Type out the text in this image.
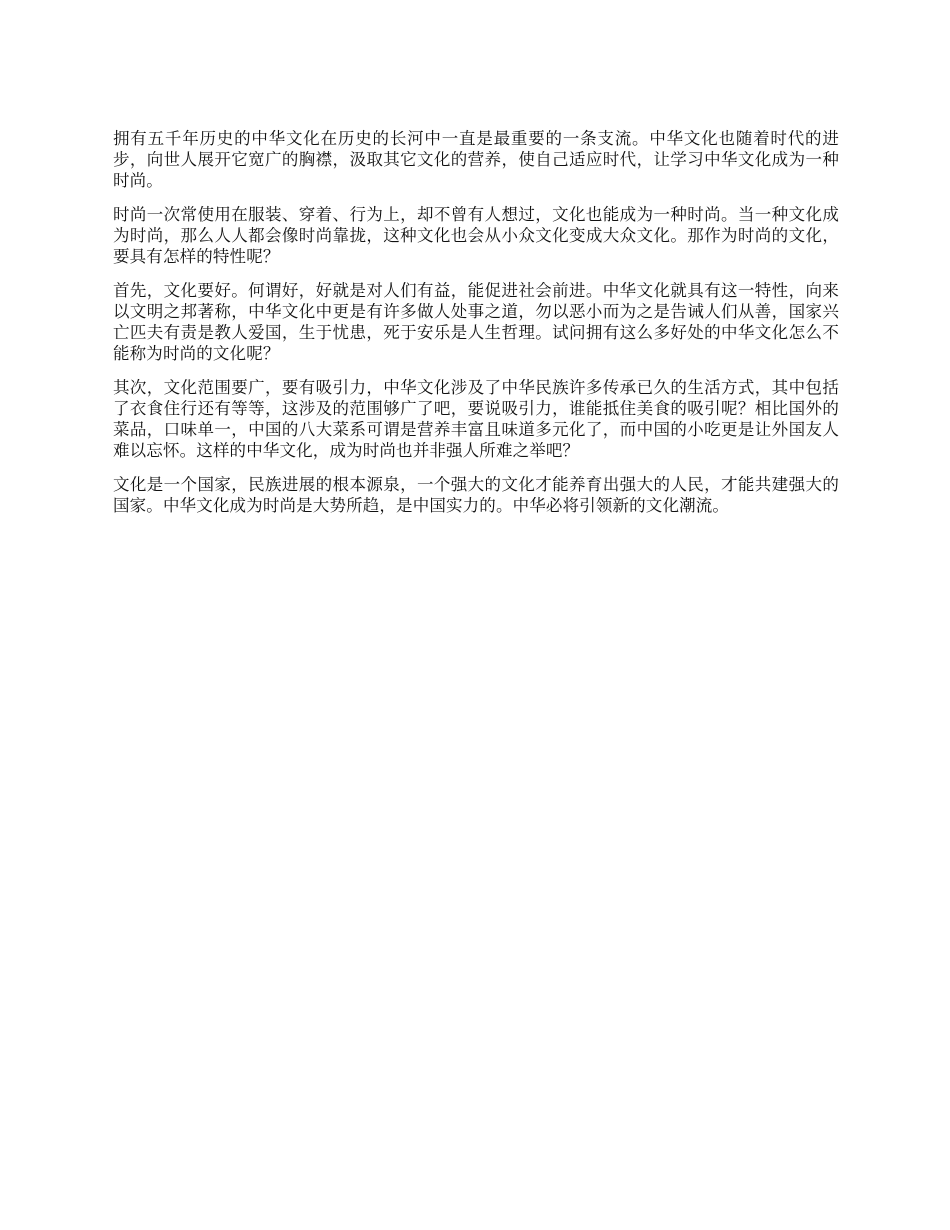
拥有五千年历史的中华文化在历史的长河中一直是最重要的一条支流。中华文化也随着时代的进步，向世人展开它宽广的胸襟，汲取其它文化的营养，使自己适应时代，让学习中华文化成为一种时尚。

时尚一次常使用在服装、穿着、行为上，却不曾有人想过，文化也能成为一种时尚。当一种文化成为时尚，那么人人都会像时尚靠拢，这种文化也会从小众文化变成大众文化。那作为时尚的文化，要具有怎样的特性呢？

首先，文化要好。何谓好，好就是对人们有益，能促进社会前进。中华文化就具有这一特性，向来以文明之邦著称，中华文化中更是有许多做人处事之道，勿以恶小而为之是告诫人们从善，国家兴亡匹夫有责是教人爱国，生于忧患，死于安乐是人生哲理。试问拥有这么多好处的中华文化怎么不能称为时尚的文化呢？

其次，文化范围要广，要有吸引力，中华文化涉及了中华民族许多传承已久的生活方式，其中包括了衣食住行还有等等，这涉及的范围够广了吧，要说吸引力，谁能抵住美食的吸引呢？相比国外的菜品，口味单一，中国的八大菜系可谓是营养丰富且味道多元化了，而中国的小吃更是让外国友人难以忘怀。这样的中华文化，成为时尚也并非强人所难之举吧？

文化是一个国家，民族进展的根本源泉，一个强大的文化才能养育出强大的人民，才能共建强大的国家。中华文化成为时尚是大势所趋，是中国实力的。中华必将引领新的文化潮流。
